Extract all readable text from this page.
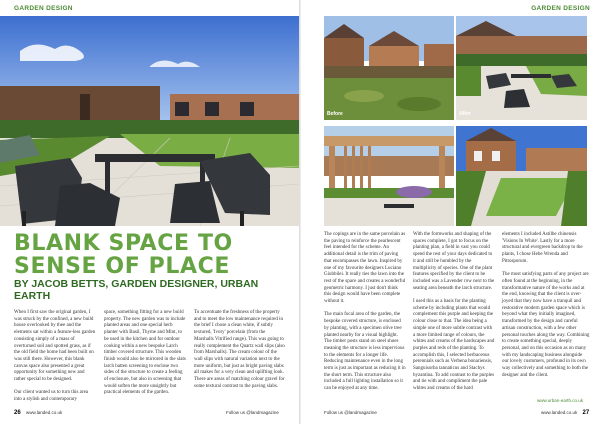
GARDEN DESIGN
BLANK SPACE TO SENSE OF PLACE
BY JACOB BETTS, GARDEN DESIGNER, URBAN EARTH
When I first saw the original garden, I was struck by the confined, a new build house overlooked by thee and the elements sat within a feature-less garden consisting simply of a mass of overturned soil and spotted grass, as if the old field the home had been built on was still there. However, this blank canvas space also presented a great opportunity for something new and rather special to be designed.

Our client wanted us to turn this area into a stylish and contemporary
space, something fitting for a new build property. The new garden was to include planted areas and one special herb planter with Basil, Thyme and Mint, to be used in the kitchen and for outdoor cooking within a new bespoke Larch timber covered structure. This wooden finish would also be mirrored in the slats larch batten screening to enclose two sides of the structure to create a feeling of enclosure, but also in screening that would soften the more unsightly but practical elements of the garden.
To accentuate the freshness of the property and to meet the low maintenance required in the brief I chose a clean white, if subtly textured, 'Ivory' porcelain (from the Marshalls Vitrified range). This was going to really complement the Quartz wall slips (also from Marshalls). The cream colour of the wall slips with natural variation next to the more uniform, but just as bright paving slabs all makes for a very clean and uplifting look. There are areas of matching colour gravel for some textural contrast to the paving slabs.
26 www.landed.co.uk	Follow us @landmagazine
GARDEN DESIGN
Before	After
The copings are in the same porcelain as the paving to reinforce the pearlescent feel intended for the scheme. An additional detail is the trim of paving that encompasses the lawn. Inspired by one of my favourite designers Luciano Giubbilei. It really ties the lawn into the rest of the space and creates a wonderful geometric harmony. I just don't think this design would have been complete without it.

The main focal area of the garden, the bespoke covered structure, is enclosed by planting, with a specimen olive tree planted nearby for a visual highlight. The timber posts stand on steel shoes meaning the structure is less impervious to the elements for a longer life. Reducing maintenance even in the long term is just as important as reducing it in the short term. This structure also included a full lighting installation so it can be enjoyed at any time.
With the formworks and shaping of the spaces complete, I got to focus on the planting plan, a field in vast you could spend the rest of your days dedicated to it and still be humbled by the multiplicity of species. One of the plant features specified by the client to be included was a Lavender row next to the seating area beneath the larch structure.

I used this as a basis for the planting scheme by including plants that would complement this purple and keeping the colour close to that. The idea being a simple one of more subtle contrast with a more limited range of colours, the whites and creams of the hardscapes and purples and reds of the planting. To accomplish this, I selected herbaceous perennials such as Verbena bonariensis, Sanguisorba tannaticus and Stachys byzantina. To add contrast to the purples and tie with and compliment the pale whites and creams of the hard
elements I included Astilbe chinensis 'Visions In White'. Lastly for a more structural and evergreen backdrop to the plants, I chose Hebe Wrenda and Pittosporum.

The most satisfying parts of any project are often found at the beginning, in the transformative nature of the works and at the end, knowing that the client is over-joyed that they now have a tranquil and restorative modern garden space which is beyond what they initially imagined, transformed by the design and careful artisan construction, with a few other personal touches along the way. Combining to create something special, deeply personal, and on this occasion as on many with my landscaping business alongside our lovely customers, profound in its own way collectively and something to both the designer and the client.
www.urban-earth.co.uk
Follow us @landmagazine	www.landed.co.uk 27
